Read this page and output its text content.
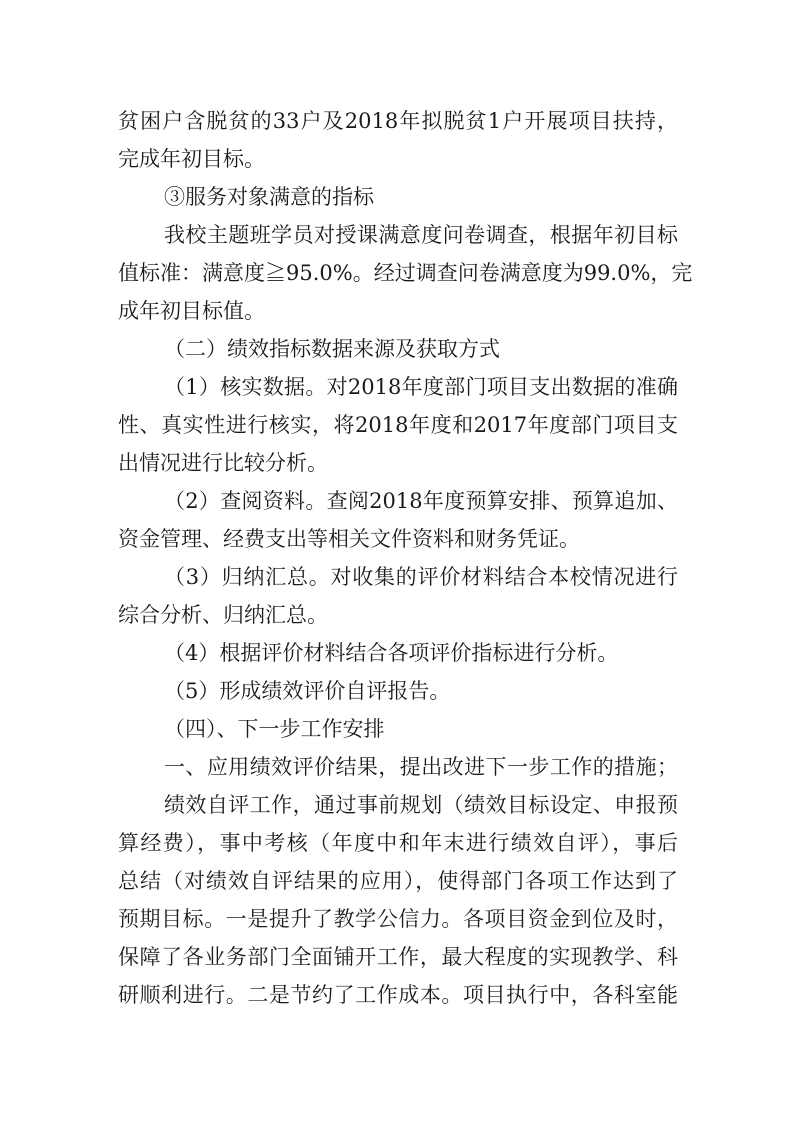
贫困户含脱贫的33户及2018年拟脱贫1户开展项目扶持，
完成年初目标。
③服务对象满意的指标
我校主题班学员对授课满意度问卷调查，根据年初目标
值标准：满意度≧95.0%。经过调查问卷满意度为99.0%，完
成年初目标值。
（二）绩效指标数据来源及获取方式
（1）核实数据。对2018年度部门项目支出数据的准确
性、真实性进行核实，将2018年度和2017年度部门项目支
出情况进行比较分析。
（2）查阅资料。查阅2018年度预算安排、预算追加、
资金管理、经费支出等相关文件资料和财务凭证。
（3）归纳汇总。对收集的评价材料结合本校情况进行
综合分析、归纳汇总。
（4）根据评价材料结合各项评价指标进行分析。
（5）形成绩效评价自评报告。
（四）、下一步工作安排
一、应用绩效评价结果，提出改进下一步工作的措施；
绩效自评工作，通过事前规划（绩效目标设定、申报预
算经费），事中考核（年度中和年末进行绩效自评），事后
总结（对绩效自评结果的应用），使得部门各项工作达到了
预期目标。一是提升了教学公信力。各项目资金到位及时，
保障了各业务部门全面铺开工作，最大程度的实现教学、科
研顺利进行。二是节约了工作成本。项目执行中，各科室能
